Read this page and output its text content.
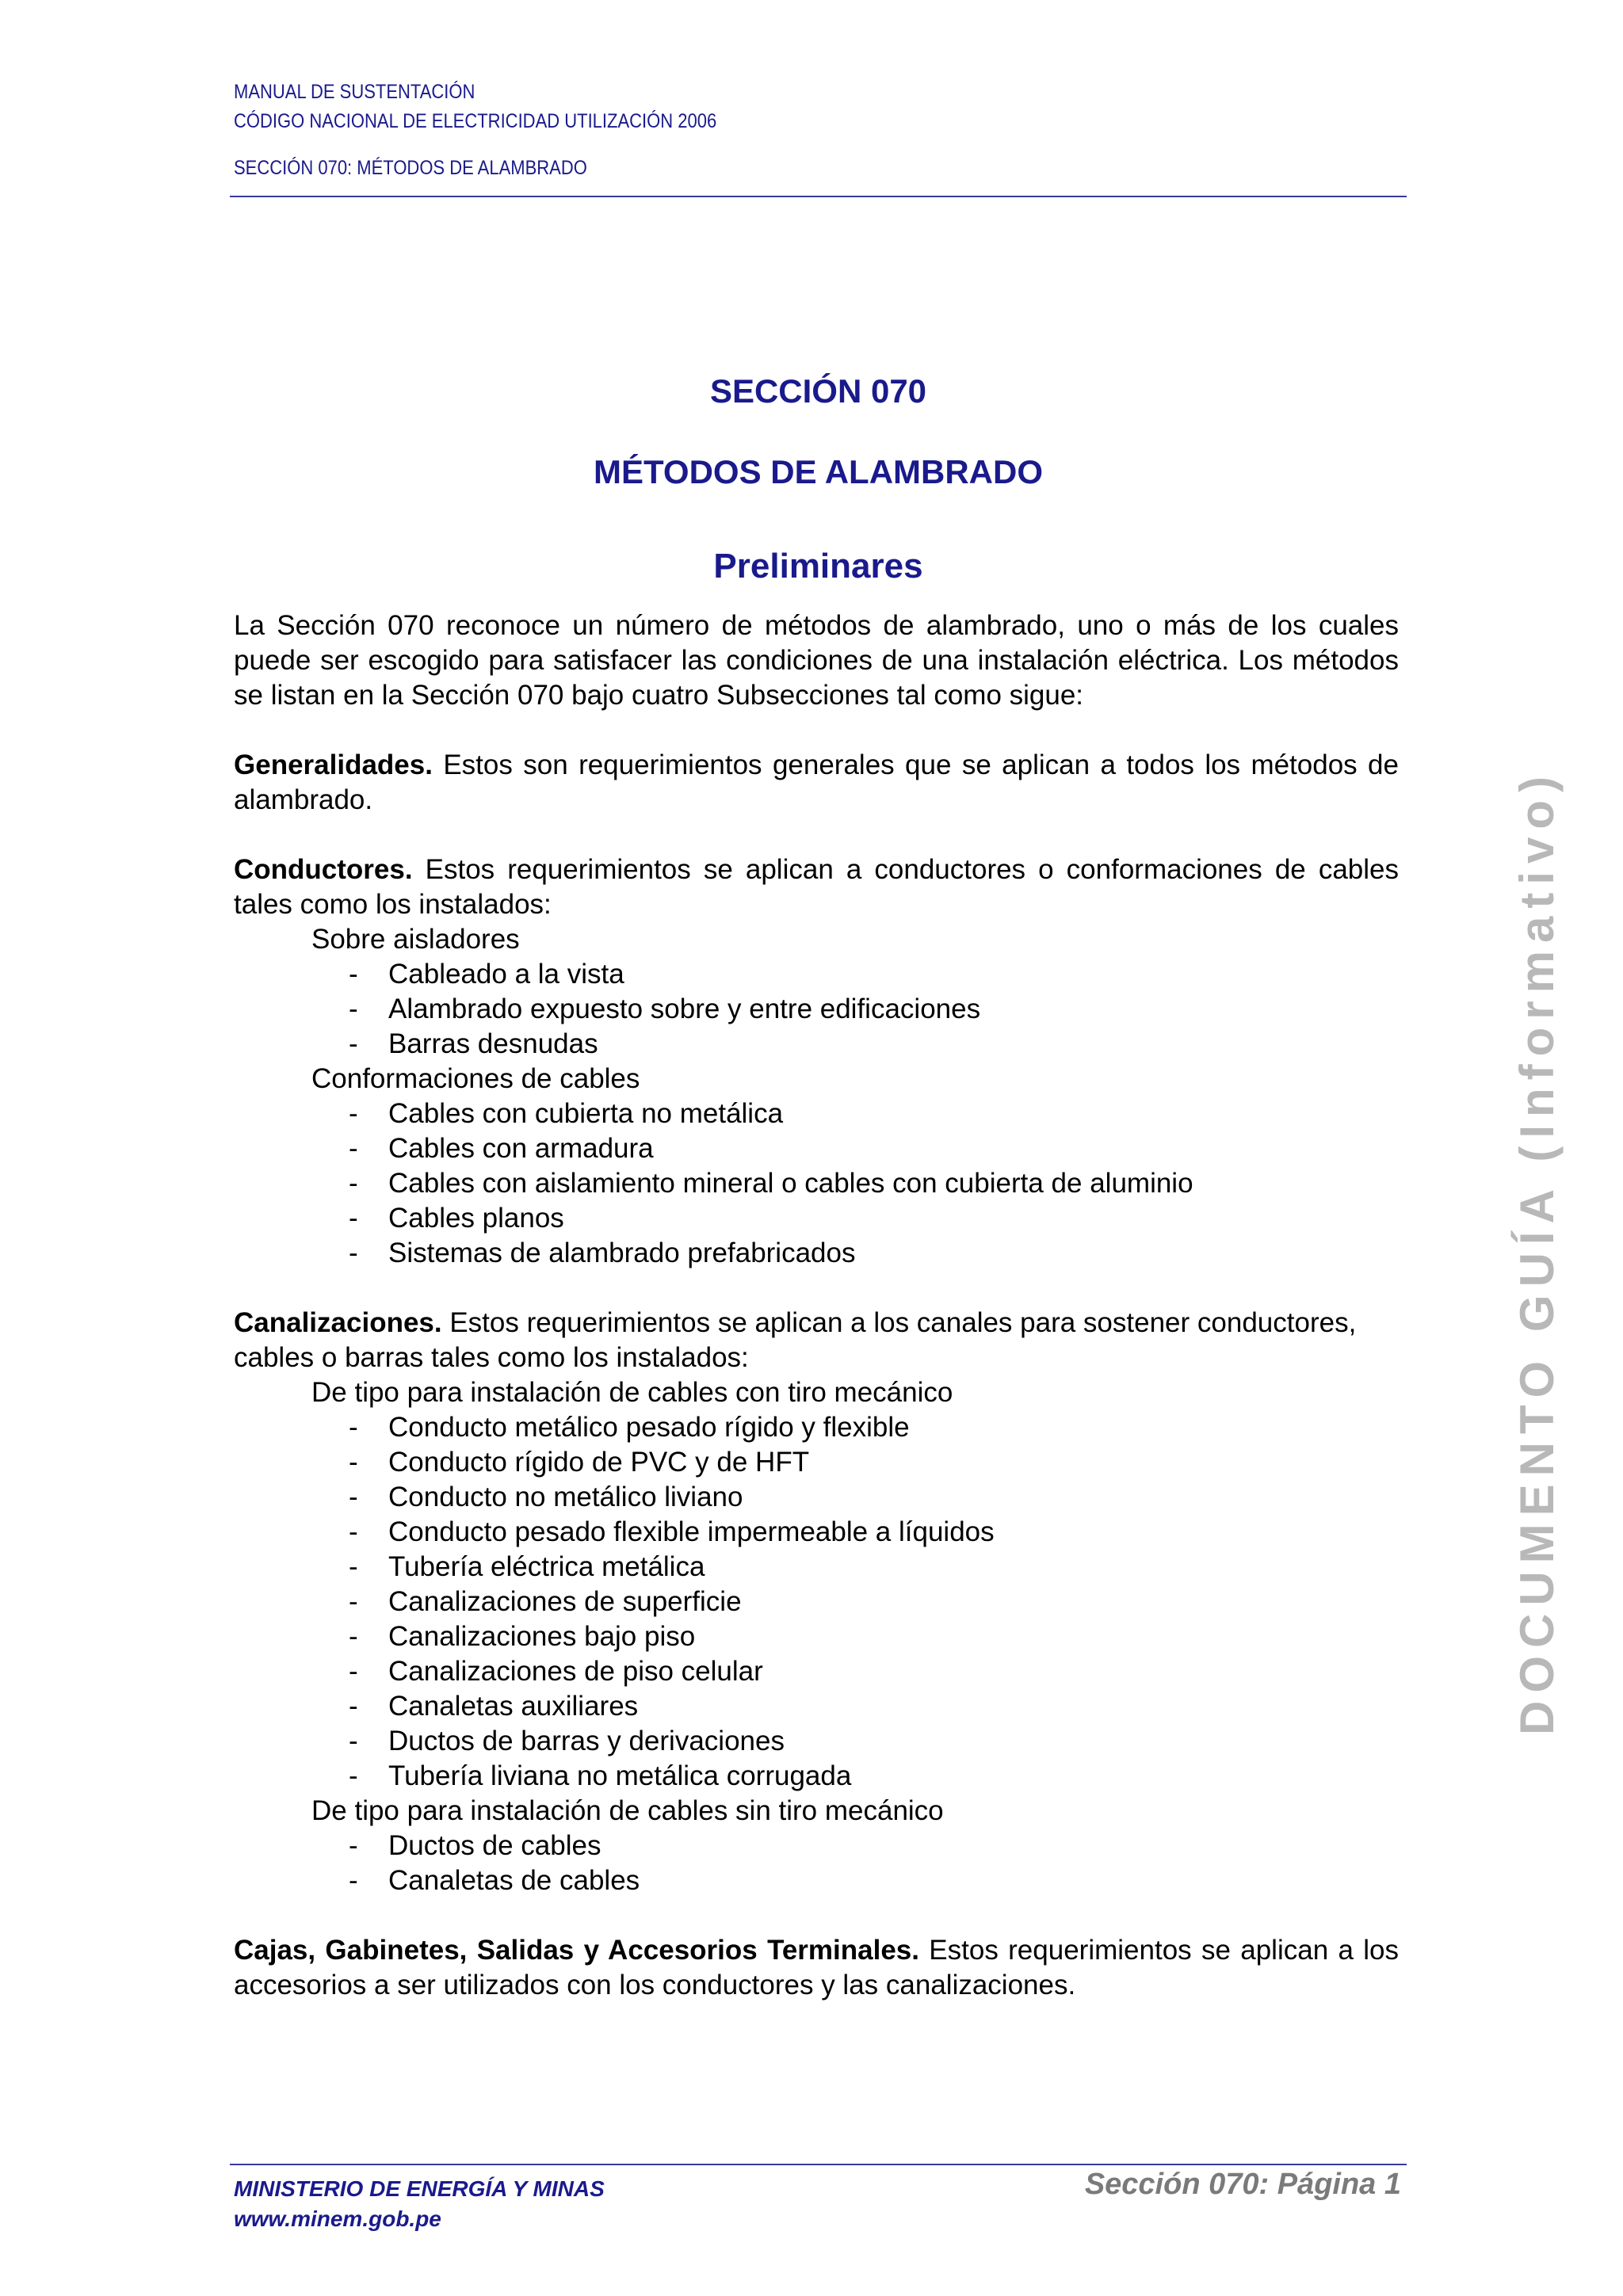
MANUAL DE SUSTENTACIÓN
CÓDIGO NACIONAL DE ELECTRICIDAD UTILIZACIÓN 2006
SECCIÓN 070: MÉTODOS DE ALAMBRADO
SECCIÓN 070
MÉTODOS DE ALAMBRADO
Preliminares

La Sección 070 reconoce un número de métodos de alambrado, uno o más de los cuales puede ser escogido para satisfacer las condiciones de una instalación eléctrica. Los métodos se listan en la Sección 070 bajo cuatro Subsecciones tal como sigue:

Generalidades. Estos son requerimientos generales que se aplican a todos los métodos de alambrado.

Conductores. Estos requerimientos se aplican a conductores o conformaciones de cables tales como los instalados:

Sobre aisladores

- Cableado a la vista

- Alambrado expuesto sobre y entre edificaciones

- Barras desnudas

Conformaciones de cables

- Cables con cubierta no metálica

- Cables con armadura

- Cables con aislamiento mineral o cables con cubierta de aluminio

- Cables planos

- Sistemas de alambrado prefabricados

Canalizaciones. Estos requerimientos se aplican a los canales para sostener conductores, cables o barras tales como los instalados:

De tipo para instalación de cables con tiro mecánico

- Conducto metálico pesado rígido y flexible

- Conducto rígido de PVC y de HFT

- Conducto no metálico liviano

- Conducto pesado flexible impermeable a líquidos

- Tubería eléctrica metálica

- Canalizaciones de superficie

- Canalizaciones bajo piso

- Canalizaciones de piso celular

- Canaletas auxiliares

- Ductos de barras y derivaciones

- Tubería liviana no metálica corrugada

De tipo para instalación de cables sin tiro mecánico

- Ductos de cables

- Canaletas de cables

Cajas, Gabinetes, Salidas y Accesorios Terminales. Estos requerimientos se aplican a los accesorios a ser utilizados con los conductores y las canalizaciones.

DOCUMENTO GUÍA (Informativo)
MINISTERIO DE ENERGÍA Y MINAS
www.minem.gob.pe
Sección 070: Página 1
